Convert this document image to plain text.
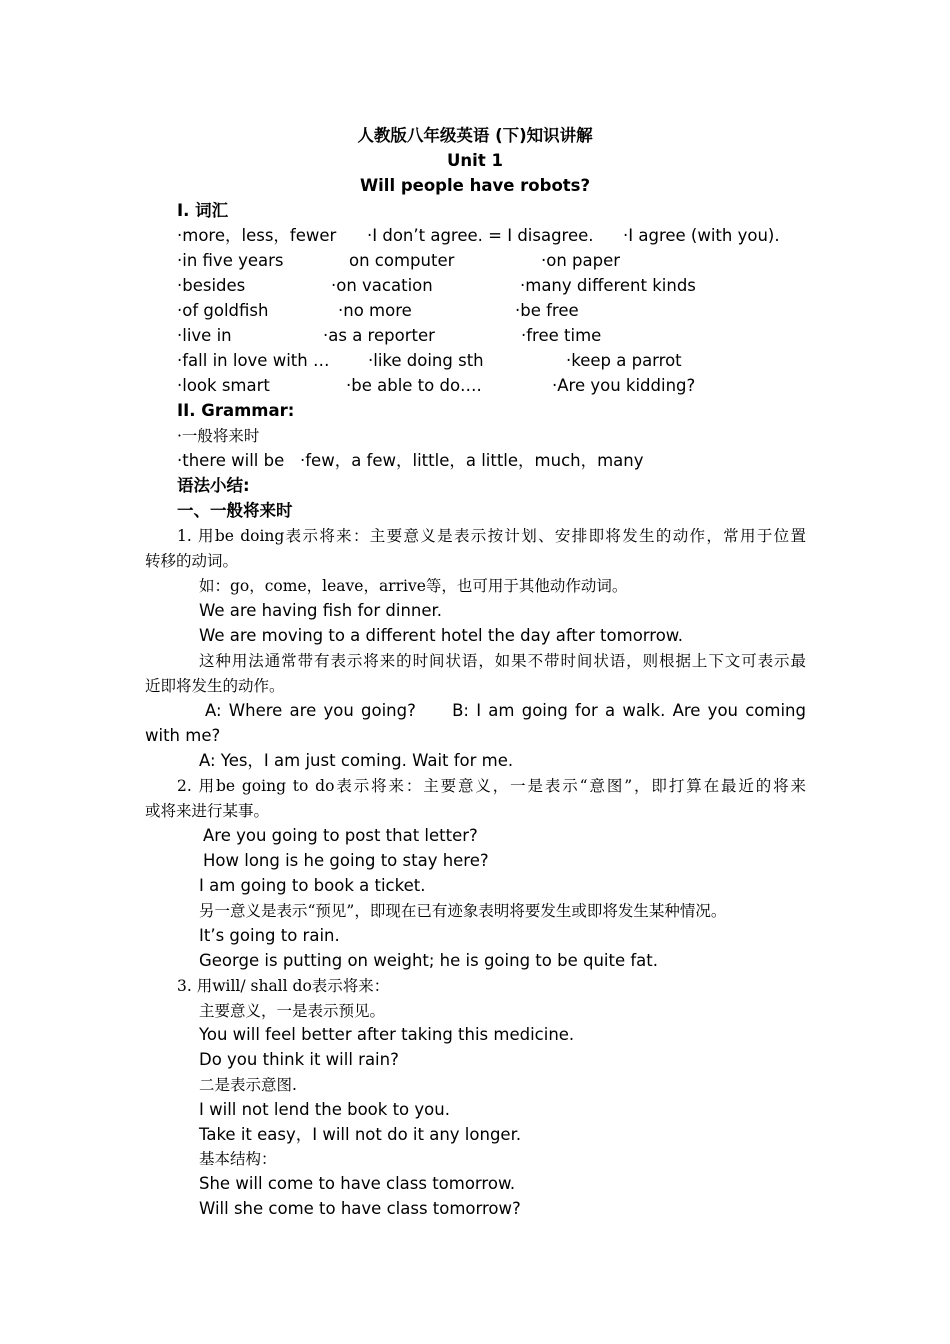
人教版八年级英语 (下)知识讲解
Unit 1
Will people have robots?
I. 词汇
·more，less，fewer ·I don’t agree. = I disagree. ·I agree (with you).
·in five years	on computer	·on paper
·besides	·on vacation	·many different kinds
·of goldfish	·no more	·be free
·live in	·as a reporter	·free time
·fall in love with … ·like doing sth	·keep a parrot
·look smart	·be able to do….	·Are you kidding?
II. Grammar:
·一般将来时
·there will be   ·few，a few，little，a little，much，many
语法小结:
一、一般将来时
1. 用be doing表示将来：主要意义是表示按计划、安排即将发生的动作，常用于位置
转移的动词。
如：go，come，leave，arrive等，也可用于其他动作动词。
We are having fish for dinner.
We are moving to a different hotel the day after tomorrow.
这种用法通常带有表示将来的时间状语，如果不带时间状语，则根据上下文可表示最
近即将发生的动作。
A: Where are you going?     B: I am going for a walk. Are you coming
with me?
A: Yes，I am just coming. Wait for me.
2. 用be going to do表示将来：主要意义，一是表示“意图”，即打算在最近的将来
或将来进行某事。
Are you going to post that letter?
How long is he going to stay here?
I am going to book a ticket.
另一意义是表示“预见”，即现在已有迹象表明将要发生或即将发生某种情况。
It’s going to rain.
George is putting on weight; he is going to be quite fat.
3. 用will/ shall do表示将来：
主要意义，一是表示预见。
You will feel better after taking this medicine.
Do you think it will rain?
二是表示意图.
I will not lend the book to you.
Take it easy，I will not do it any longer.
基本结构：
She will come to have class tomorrow.
Will she come to have class tomorrow?
